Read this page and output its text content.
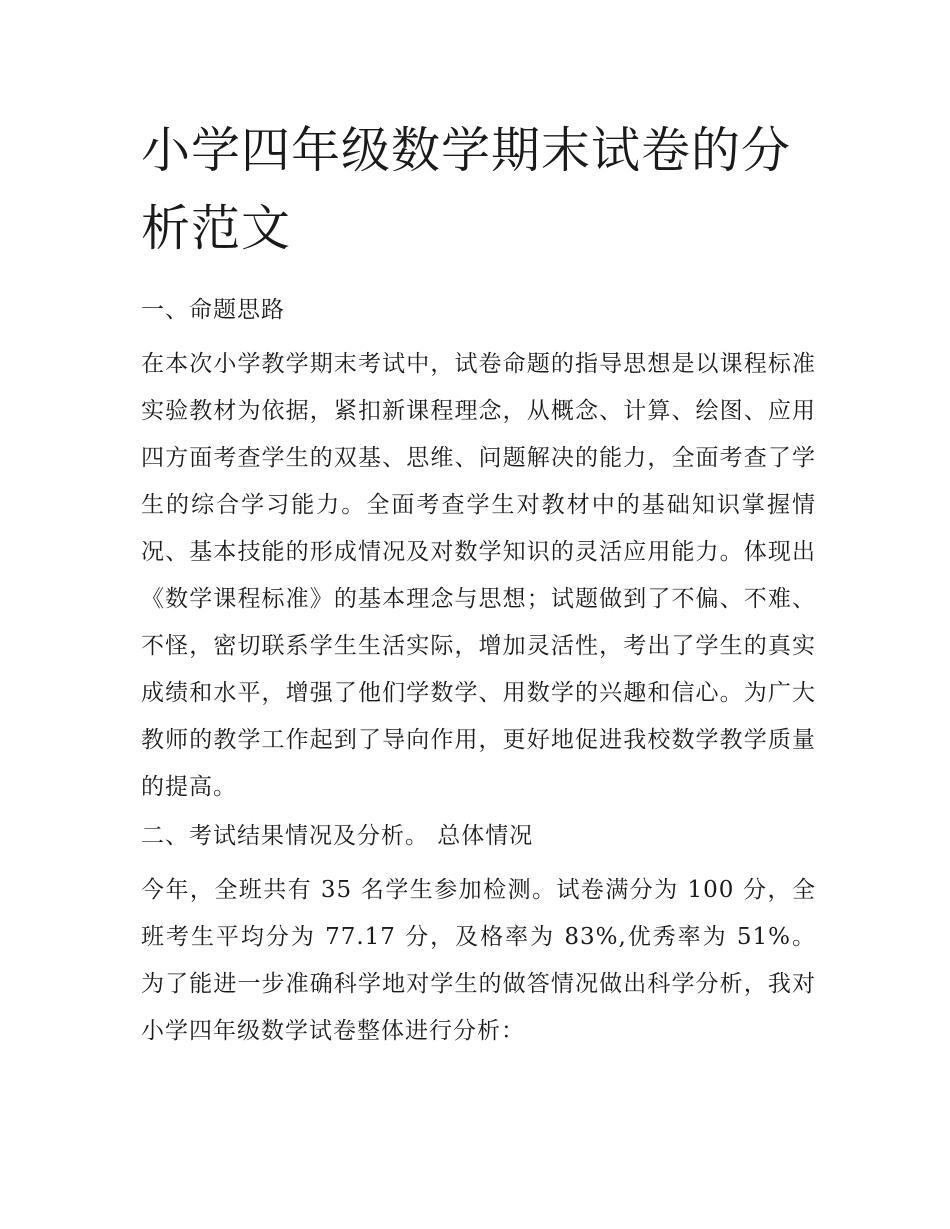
小学四年级数学期末试卷的分析范文
一、命题思路

在本次小学教学期末考试中，试卷命题的指导思想是以课程标准实验教材为依据，紧扣新课程理念，从概念、计算、绘图、应用四方面考查学生的双基、思维、问题解决的能力，全面考查了学生的综合学习能力。全面考查学生对教材中的基础知识掌握情况、基本技能的形成情况及对数学知识的灵活应用能力。体现出《数学课程标准》的基本理念与思想；试题做到了不偏、不难、不怪，密切联系学生生活实际，增加灵活性，考出了学生的真实成绩和水平，增强了他们学数学、用数学的兴趣和信心。为广大教师的教学工作起到了导向作用，更好地促进我校数学教学质量的提高。

二、考试结果情况及分析。 总体情况

今年，全班共有 35 名学生参加检测。试卷满分为 100 分，全班考生平均分为 77.17 分，及格率为 83%,优秀率为 51%。为了能进一步准确科学地对学生的做答情况做出科学分析，我对小学四年级数学试卷整体进行分析：
